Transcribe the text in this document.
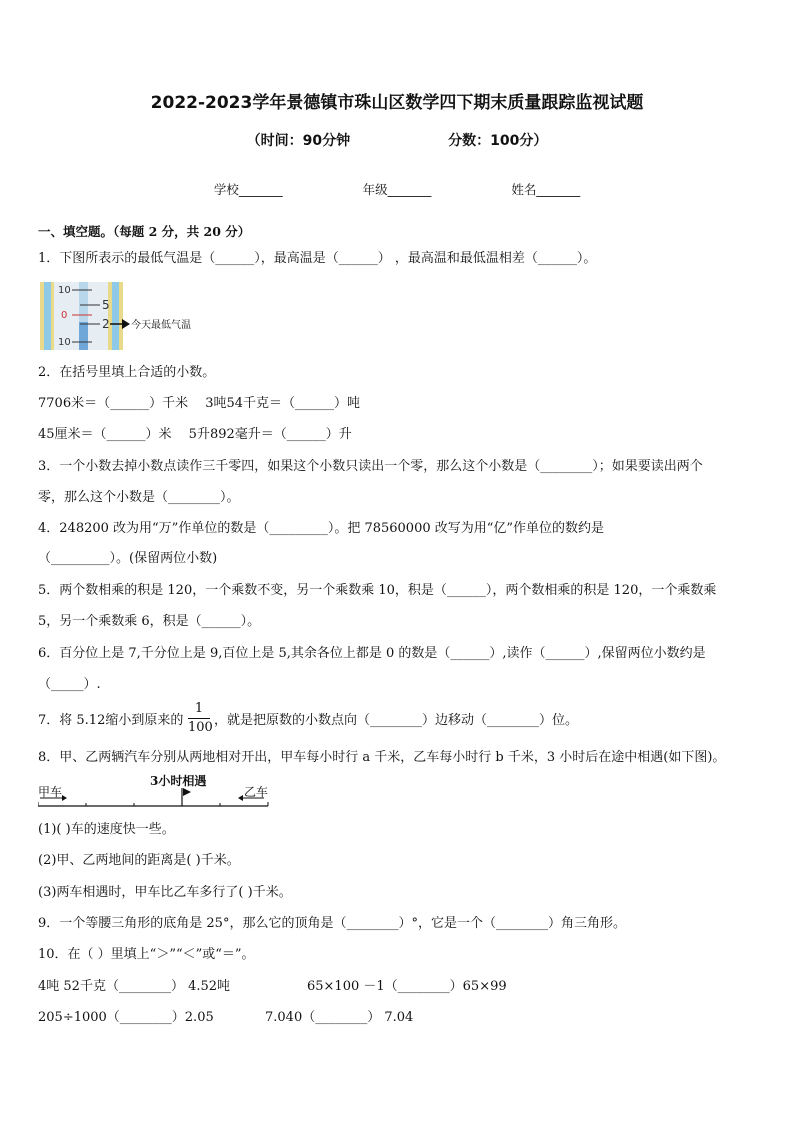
2022-2023学年景德镇市珠山区数学四下期末质量跟踪监视试题
（时间：90分钟	分数：100分）
学校_______	年级_______	姓名_______
一、填空题。（每题 2 分，共 20 分）
1．下图所表示的最低气温是（______），最高温是（______） ，最高温和最低温相差（______）。
10
5
0
2
10
今天最低气温
2．在括号里填上合适的小数。
7706米＝（______）千米　 3吨54千克＝（______）吨
45厘米＝（______）米　 5升892毫升＝（______）升
3．一个小数去掉小数点读作三千零四，如果这个小数只读出一个零，那么这个小数是（________）；如果要读出两个
零，那么这个小数是（________）。
4．248200 改为用“万”作单位的数是（_________）。把 78560000 改写为用“亿”作单位的数约是
（_________）。(保留两位小数)
5．两个数相乘的积是 120，一个乘数不变，另一个乘数乘 10，积是（______），两个数相乘的积是 120，一个乘数乘
5，另一个乘数乘 6，积是（______）。
6．百分位上是 7,千分位上是 9,百位上是 5,其余各位上都是 0 的数是（______）,读作（______）,保留两位小数约是
（_____）.
7．将 5.12缩小到原来的 $\frac{1}{100}$ ，就是把原数的小数点向（________）边移动（________）位。
8．甲、乙两辆汽车分别从两地相对开出，甲车每小时行 a 千米，乙车每小时行 b 千米，3 小时后在途中相遇(如下图)。
甲车
3小时相遇
乙车
(1)( )车的速度快一些。
(2)甲、乙两地间的距离是( )千米。
(3)两车相遇时，甲车比乙车多行了( )千米。
9．一个等腰三角形的底角是 25°，那么它的顶角是（________）°，它是一个（________）角三角形。
10．在（ ）里填上“＞”“＜”或“＝”。
4吨 52千克（________） 4.52吨	65×100 －1（________）65×99
205÷1000（________）2.05	7.040（________） 7.04
